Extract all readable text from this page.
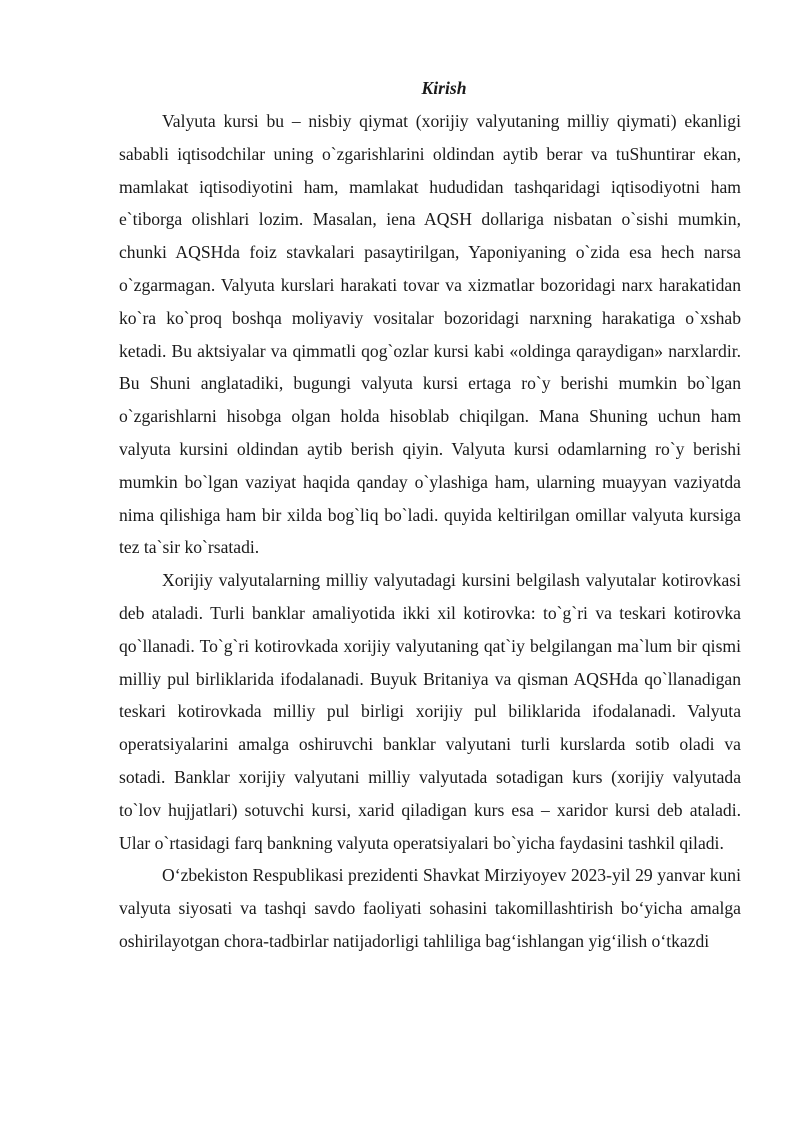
Kirish

Valyuta kursi bu – nisbiy qiymat (xorijiy valyutaning milliy qiymati) ekanligi sababli iqtisodchilar uning o`zgarishlarini oldindan aytib berar va tuShuntirar ekan, mamlakat iqtisodiyotini ham, mamlakat hududidan tashqaridagi iqtisodiyotni ham e`tiborga olishlari lozim. Masalan, iena AQSH dollariga nisbatan o`sishi mumkin, chunki AQSHda foiz stavkalari pasaytirilgan, Yaponiyaning o`zida esa hech narsa o`zgarmagan. Valyuta kurslari harakati tovar va xizmatlar bozoridagi narx harakatidan ko`ra ko`proq boshqa moliyaviy vositalar bozoridagi narxning harakatiga o`xshab ketadi. Bu aktsiyalar va qimmatli qog`ozlar kursi kabi «oldinga qaraydigan» narxlardir. Bu Shuni anglatadiki, bugungi valyuta kursi ertaga ro`y berishi mumkin bo`lgan o`zgarishlarni hisobga olgan holda hisoblab chiqilgan. Mana Shuning uchun ham valyuta kursini oldindan aytib berish qiyin. Valyuta kursi odamlarning ro`y berishi mumkin bo`lgan vaziyat haqida qanday o`ylashiga ham, ularning muayyan vaziyatda nima qilishiga ham bir xilda bog`liq bo`ladi. quyida keltirilgan omillar valyuta kursiga tez ta`sir ko`rsatadi.

Xorijiy valyutalarning milliy valyutadagi kursini belgilash valyutalar kotirovkasi deb ataladi. Turli banklar amaliyotida ikki xil kotirovka: to`g`ri va teskari kotirovka qo`llanadi. To`g`ri kotirovkada xorijiy valyutaning qat`iy belgilangan ma`lum bir qismi milliy pul birliklarida ifodalanadi. Buyuk Britaniya va qisman AQSHda qo`llanadigan teskari kotirovkada milliy pul birligi xorijiy pul biliklarida ifodalanadi. Valyuta operatsiyalarini amalga oshiruvchi banklar valyutani turli kurslarda sotib oladi va sotadi. Banklar xorijiy valyutani milliy valyutada sotadigan kurs (xorijiy valyutada to`lov hujjatlari) sotuvchi kursi, xarid qiladigan kurs esa – xaridor kursi deb ataladi. Ular o`rtasidagi farq bankning valyuta operatsiyalari bo`yicha faydasini tashkil qiladi.

O‘zbekiston Respublikasi prezidenti Shavkat Mirziyoyev 2023-yil 29 yanvar kuni valyuta siyosati va tashqi savdo faoliyati sohasini takomillashtirish bo‘yicha amalga oshirilayotgan chora-tadbirlar natijadorligi tahliliga bag‘ishlangan yig‘ilish o‘tkazdi
